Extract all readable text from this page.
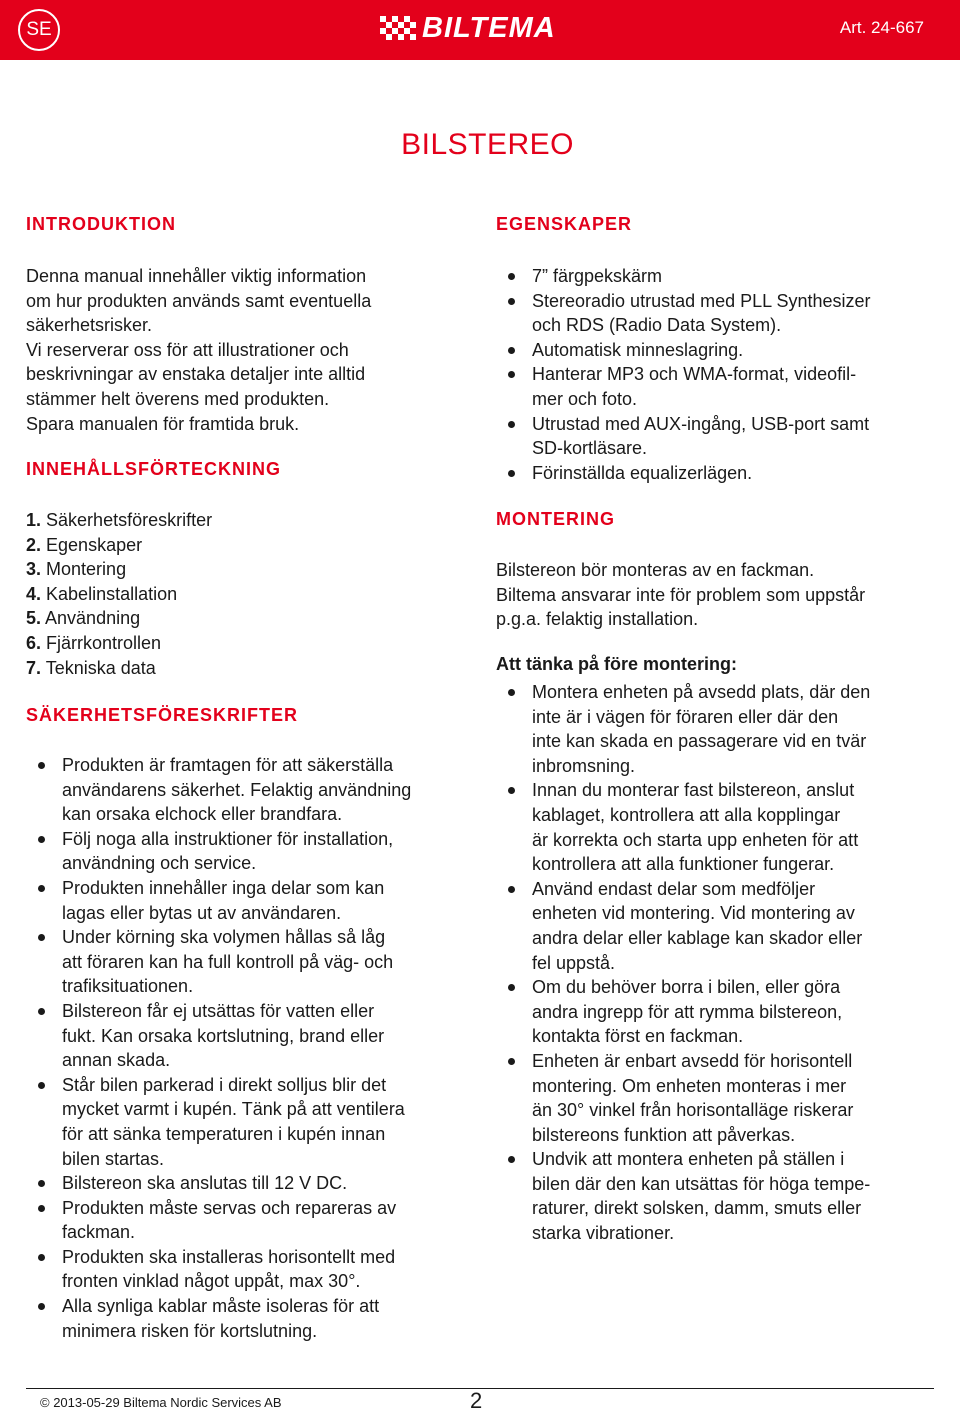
SE	BILTEMA	Art. 24-667
BILSTEREO
INTRODUKTION
Denna manual innehåller viktig information
om hur produkten används samt eventuella
säkerhetsrisker.
Vi reserverar oss för att illustrationer och
beskrivningar av enstaka detaljer inte alltid
stämmer helt överens med produkten.
Spara manualen för framtida bruk.
INNEHÅLLSFÖRTECKNING
1. Säkerhetsföreskrifter
2. Egenskaper
3. Montering
4. Kabelinstallation
5. Användning
6. Fjärrkontrollen
7. Tekniska data
SÄKERHETSFÖRESKRIFTER
Produkten är framtagen för att säkerställa
användarens säkerhet. Felaktig användning
kan orsaka elchock eller brandfara.
Följ noga alla instruktioner för installation,
användning och service.
Produkten innehåller inga delar som kan
lagas eller bytas ut av användaren.
Under körning ska volymen hållas så låg
att föraren kan ha full kontroll på väg- och
trafiksituationen.
Bilstereon får ej utsättas för vatten eller
fukt. Kan orsaka kortslutning, brand eller
annan skada.
Står bilen parkerad i direkt solljus blir det
mycket varmt i kupén. Tänk på att ventilera
för att sänka temperaturen i kupén innan
bilen startas.
Bilstereon ska anslutas till 12 V DC.
Produkten måste servas och repareras av
fackman.
Produkten ska installeras horisontellt med
fronten vinklad något uppåt, max 30°.
Alla synliga kablar måste isoleras för att
minimera risken för kortslutning.
EGENSKAPER
7” färgpekskärm
Stereoradio utrustad med PLL Synthesizer
och RDS (Radio Data System).
Automatisk minneslagring.
Hanterar MP3 och WMA-format, videofil-
mer och foto.
Utrustad med AUX-ingång, USB-port samt
SD-kortläsare.
Förinställda equalizerlägen.
MONTERING
Bilstereon bör monteras av en fackman.
Biltema ansvarar inte för problem som uppstår
p.g.a. felaktig installation.
Att tänka på före montering:
Montera enheten på avsedd plats, där den
inte är i vägen för föraren eller där den
inte kan skada en passagerare vid en tvär
inbromsning.
Innan du monterar fast bilstereon, anslut
kablaget, kontrollera att alla kopplingar
är korrekta och starta upp enheten för att
kontrollera att alla funktioner fungerar.
Använd endast delar som medföljer
enheten vid montering. Vid montering av
andra delar eller kablage kan skador eller
fel uppstå.
Om du behöver borra i bilen, eller göra
andra ingrepp för att rymma bilstereon,
kontakta först en fackman.
Enheten är enbart avsedd för horisontell
montering. Om enheten monteras i mer
än 30° vinkel från horisontalläge riskerar
bilstereons funktion att påverkas.
Undvik att montera enheten på ställen i
bilen där den kan utsättas för höga tempe-
raturer, direkt solsken, damm, smuts eller
starka vibrationer.
© 2013-05-29 Biltema Nordic Services AB	2
